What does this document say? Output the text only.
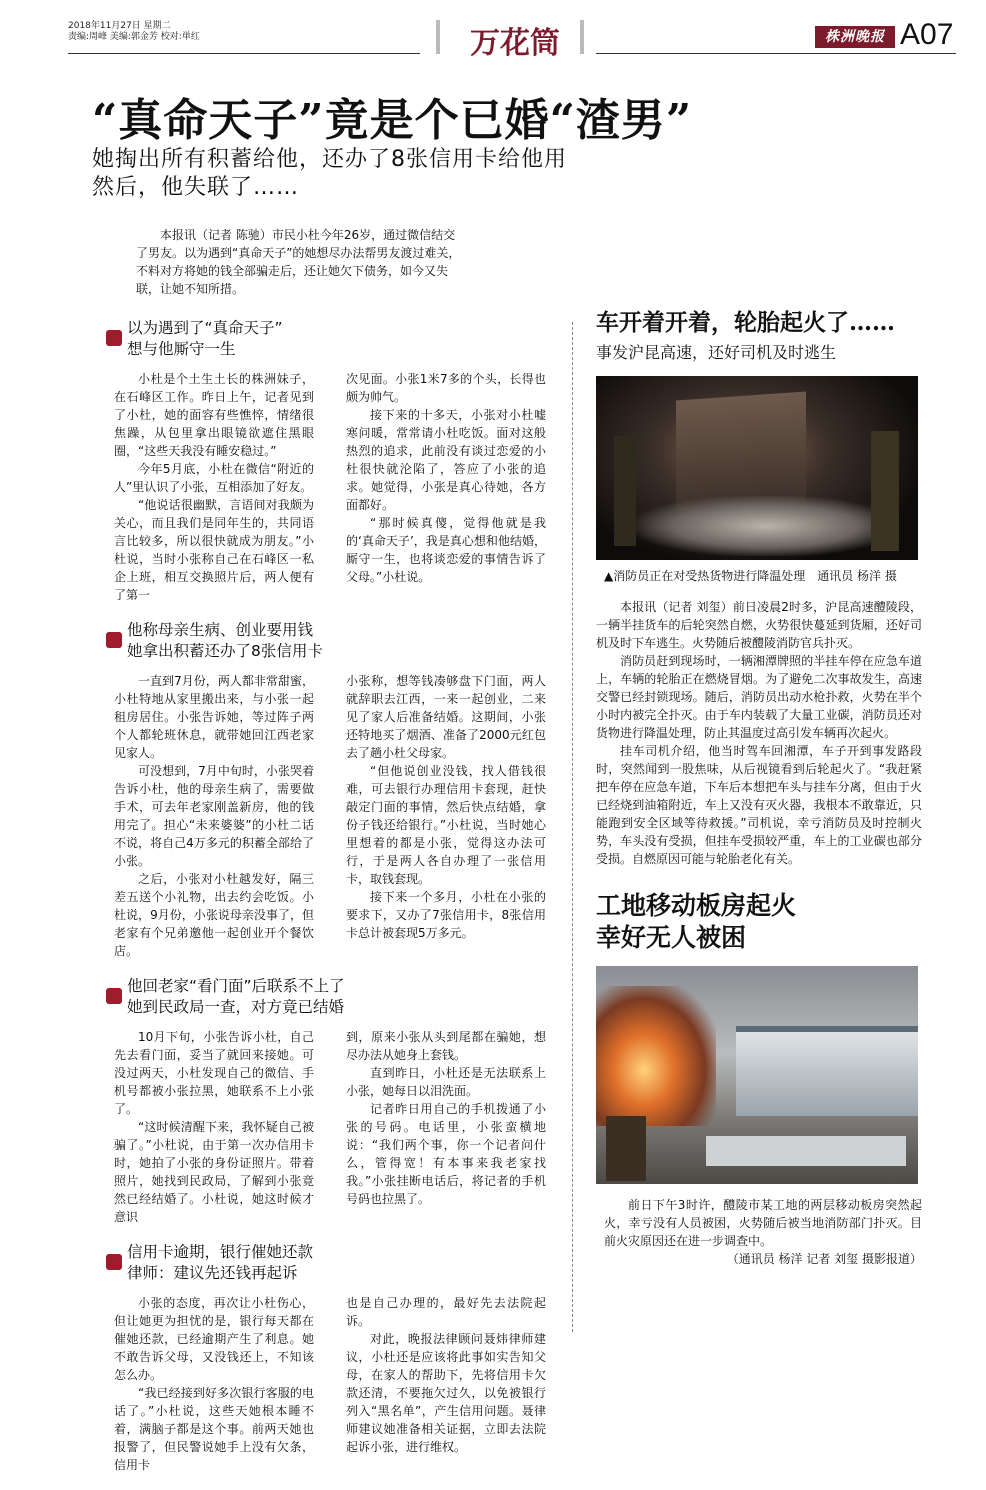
2018年11月27日 星期二
责编:周峰 美编:郭金芳 校对:単红	万花筒	株洲晚报 A07
“真命天子”竟是个已婚“渣男”
她掏出所有积蓄给他，还办了8张信用卡给他用
然后，他失联了……
本报讯（记者 陈驰）市民小杜今年26岁，通过微信结交了男友。以为遇到“真命天子”的她想尽办法帮男友渡过难关，不料对方将她的钱全部骗走后，还让她欠下债务，如今又失联，让她不知所措。
以为遇到了“真命天子”
想与他厮守一生

小杜是个土生土长的株洲妹子，在石峰区工作。昨日上午，记者见到了小杜，她的面容有些憔悴，情绪很焦躁，从包里拿出眼镜欲遮住黑眼圈，“这些天我没有睡安稳过。”

今年5月底，小杜在微信“附近的人”里认识了小张，互相添加了好友。

“他说话很幽默，言语间对我颇为关心，而且我们是同年生的，共同语言比较多，所以很快就成为朋友。”小杜说，当时小张称自己在石峰区一私企上班，相互交换照片后，两人便有了第一

次见面。小张1米7多的个头，长得也颇为帅气。

接下来的十多天，小张对小杜嘘寒问暖，常常请小杜吃饭。面对这般热烈的追求，此前没有谈过恋爱的小杜很快就沦陷了，答应了小张的追求。她觉得，小张是真心待她，各方面都好。

“那时候真傻，觉得他就是我的‘真命天子’，我是真心想和他结婚，厮守一生，也将谈恋爱的事情告诉了父母。”小杜说。

他称母亲生病、创业要用钱
她拿出积蓄还办了8张信用卡

一直到7月份，两人都非常甜蜜，小杜特地从家里搬出来，与小张一起租房居住。小张告诉她，等过阵子两个人都轮班休息，就带她回江西老家见家人。

可没想到，7月中旬时，小张哭着告诉小杜，他的母亲生病了，需要做手术，可去年老家刚盖新房，他的钱用完了。担心“未来婆婆”的小杜二话不说，将自己4万多元的积蓄全部给了小张。

之后，小张对小杜越发好，隔三差五送个小礼物，出去约会吃饭。小杜说，9月份，小张说母亲没事了，但老家有个兄弟邀他一起创业开个餐饮店。

小张称，想等钱凑够盘下门面，两人就辞职去江西，一来一起创业，二来见了家人后准备结婚。这期间，小张还特地买了烟酒、准备了2000元红包去了趟小杜父母家。

“但他说创业没钱，找人借钱很难，可去银行办理信用卡套现，赶快敲定门面的事情，然后快点结婚，拿份子钱还给银行。”小杜说，当时她心里想着的都是小张，觉得这办法可行，于是两人各自办理了一张信用卡，取钱套现。

接下来一个多月，小杜在小张的要求下，又办了7张信用卡，8张信用卡总计被套现5万多元。

他回老家“看门面”后联系不上了
她到民政局一查，对方竟已结婚

10月下旬，小张告诉小杜，自己先去看门面，妥当了就回来接她。可没过两天，小杜发现自己的微信、手机号都被小张拉黑，她联系不上小张了。

“这时候清醒下来，我怀疑自己被骗了。”小杜说，由于第一次办信用卡时，她拍了小张的身份证照片。带着照片，她找到民政局，了解到小张竟然已经结婚了。小杜说，她这时候才意识

到，原来小张从头到尾都在骗她，想尽办法从她身上套钱。

直到昨日，小杜还是无法联系上小张，她每日以泪洗面。

记者昨日用自己的手机拨通了小张的号码。电话里，小张蛮横地说：“我们两个事，你一个记者问什么，管得宽！有本事来我老家找我。”小张挂断电话后，将记者的手机号码也拉黑了。

信用卡逾期，银行催她还款
律师：建议先还钱再起诉

小张的态度，再次让小杜伤心，但让她更为担忧的是，银行每天都在催她还款，已经逾期产生了利息。她不敢告诉父母，又没钱还上，不知该怎么办。

“我已经接到好多次银行客服的电话了。”小杜说，这些天她根本睡不着，满脑子都是这个事。前两天她也报警了，但民警说她手上没有欠条，信用卡

也是自己办理的，最好先去法院起诉。

对此，晚报法律顾问聂炜律师建议，小杜还是应该将此事如实告知父母，在家人的帮助下，先将信用卡欠款还清，不要拖欠过久，以免被银行列入“黑名单”，产生信用问题。聂律师建议她准备相关证据，立即去法院起诉小张，进行维权。

车开着开着，轮胎起火了……
事发沪昆高速，还好司机及时逃生
▲消防员正在对受热货物进行降温处理　通讯员 杨洋 摄

本报讯（记者 刘玺）前日凌晨2时多，沪昆高速醴陵段，一辆半挂货车的后轮突然自燃，火势很快蔓延到货厢，还好司机及时下车逃生。火势随后被醴陵消防官兵扑灭。

消防员赶到现场时，一辆湘潭牌照的半挂车停在应急车道上，车辆的轮胎正在燃烧冒烟。为了避免二次事故发生，高速交警已经封锁现场。随后，消防员出动水枪扑救，火势在半个小时内被完全扑灭。由于车内装载了大量工业碳，消防员还对货物进行降温处理，防止其温度过高引发车辆再次起火。

挂车司机介绍，他当时驾车回湘潭，车子开到事发路段时，突然闻到一股焦味，从后视镜看到后轮起火了。“我赶紧把车停在应急车道，下车后本想把车头与挂车分离，但由于火已经烧到油箱附近，车上又没有灭火器，我根本不敢靠近，只能跑到安全区域等待救援。”司机说，幸亏消防员及时控制火势，车头没有受损，但挂车受损较严重，车上的工业碳也部分受损。自燃原因可能与轮胎老化有关。

工地移动板房起火
幸好无人被困

前日下午3时许，醴陵市某工地的两层移动板房突然起火，幸亏没有人员被困，火势随后被当地消防部门扑灭。目前火灾原因还在进一步调查中。

（通讯员 杨洋 记者 刘玺 摄影报道）
